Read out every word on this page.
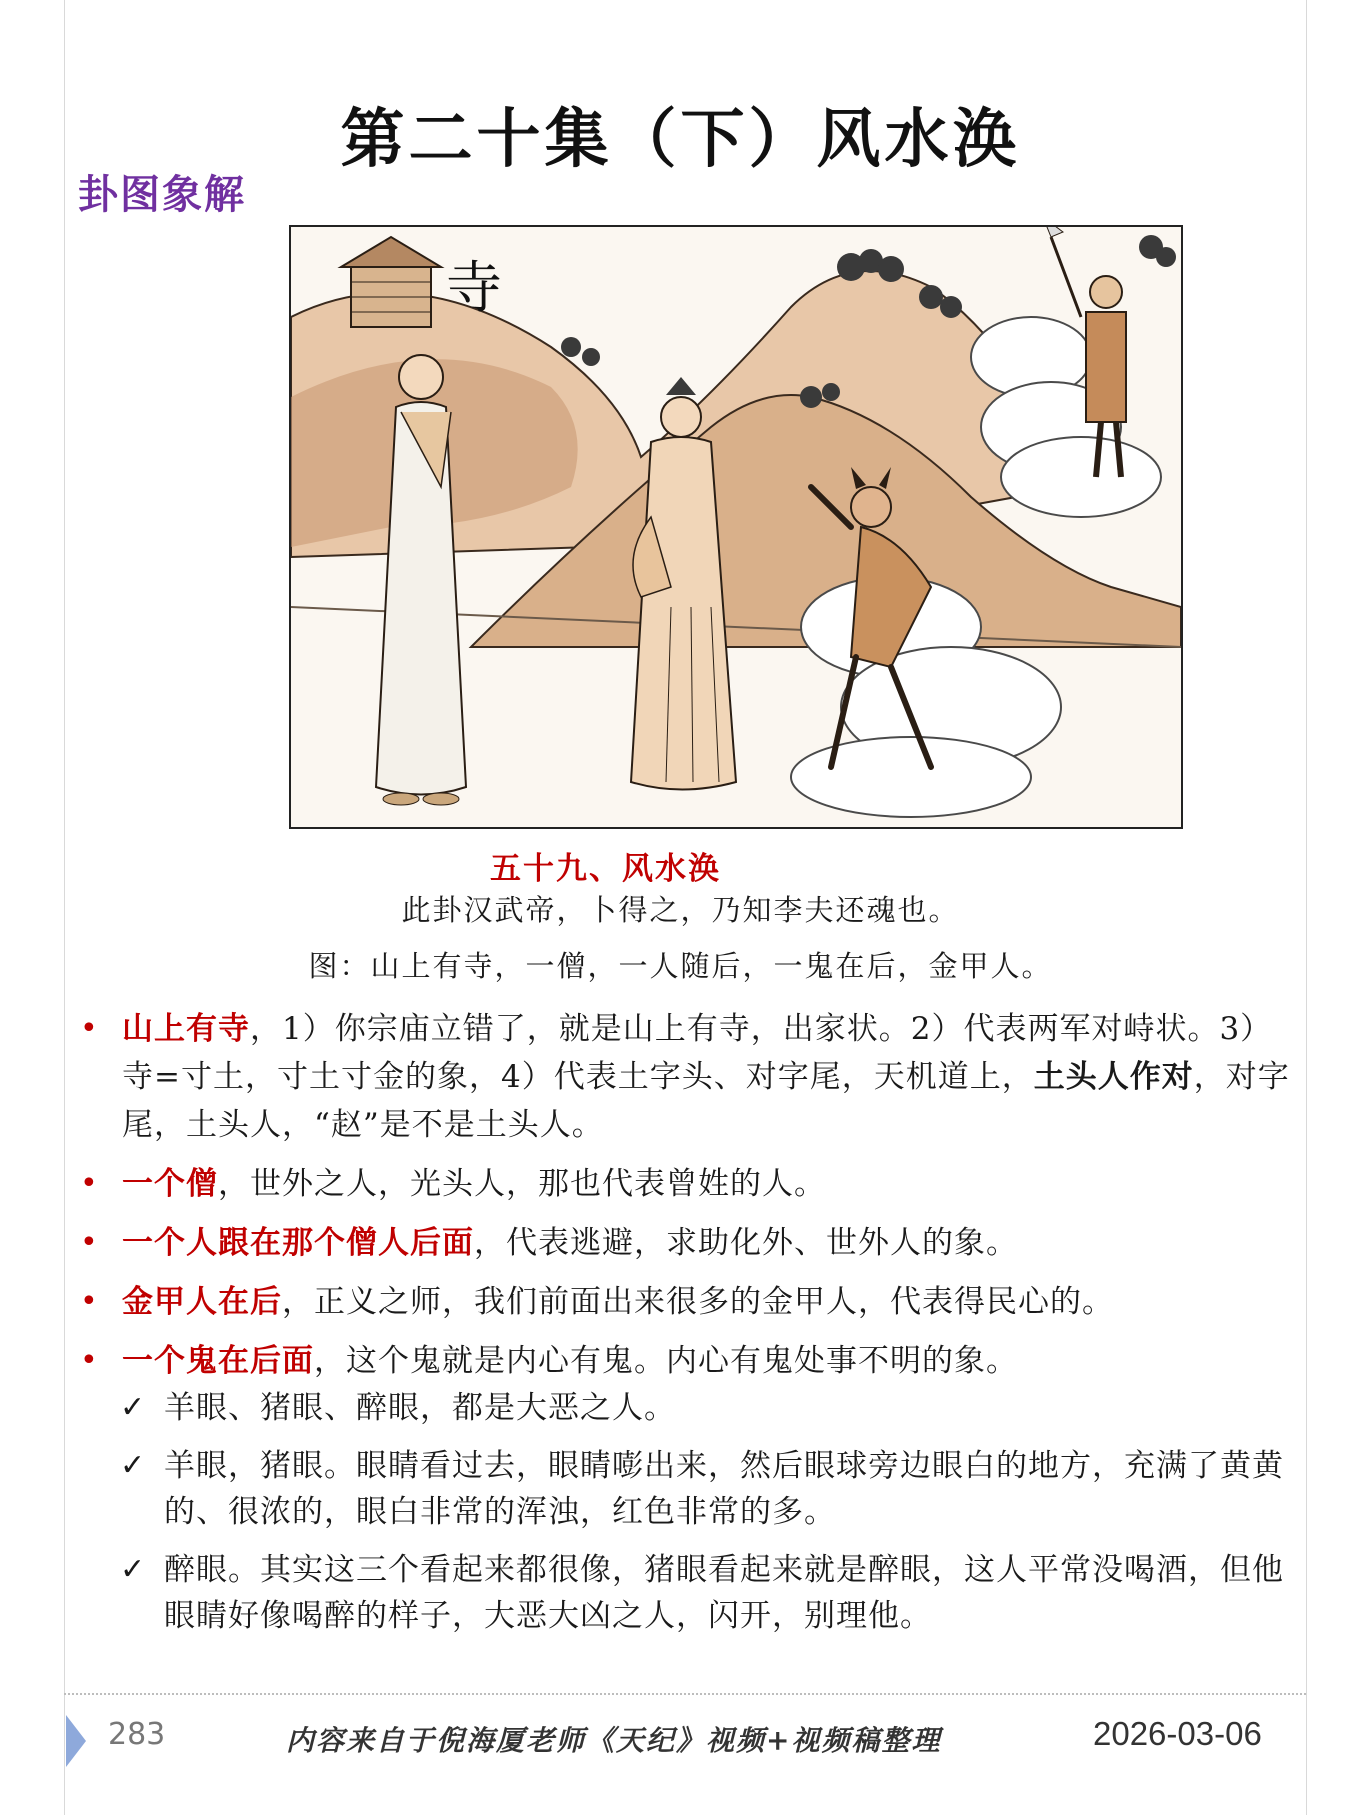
第二十集（下）风水涣
卦图象解
寺
五十九、风水涣
此卦汉武帝，卜得之，乃知李夫还魂也。
图：山上有寺，一僧，一人随后，一鬼在后，金甲人。
• 山上有寺，1）你宗庙立错了，就是山上有寺，出家状。2）代表两军对峙状。3）寺=寸土，寸土寸金的象，4）代表土字头、对字尾，天机道上，土头人作对，对字尾，土头人，“赵”是不是土头人。
• 一个僧，世外之人，光头人，那也代表曾姓的人。
• 一个人跟在那个僧人后面，代表逃避，求助化外、世外人的象。
• 金甲人在后，正义之师，我们前面出来很多的金甲人，代表得民心的。
• 一个鬼在后面，这个鬼就是内心有鬼。内心有鬼处事不明的象。
✓ 羊眼、猪眼、醉眼，都是大恶之人。
✓ 羊眼，猪眼。眼睛看过去，眼睛嘭出来，然后眼球旁边眼白的地方，充满了黄黄的、很浓的，眼白非常的浑浊，红色非常的多。
✓ 醉眼。其实这三个看起来都很像，猪眼看起来就是醉眼，这人平常没喝酒，但他眼睛好像喝醉的样子，大恶大凶之人，闪开，别理他。
283	内容来自于倪海厦老师《天纪》视频+视频稿整理	2026-03-06
